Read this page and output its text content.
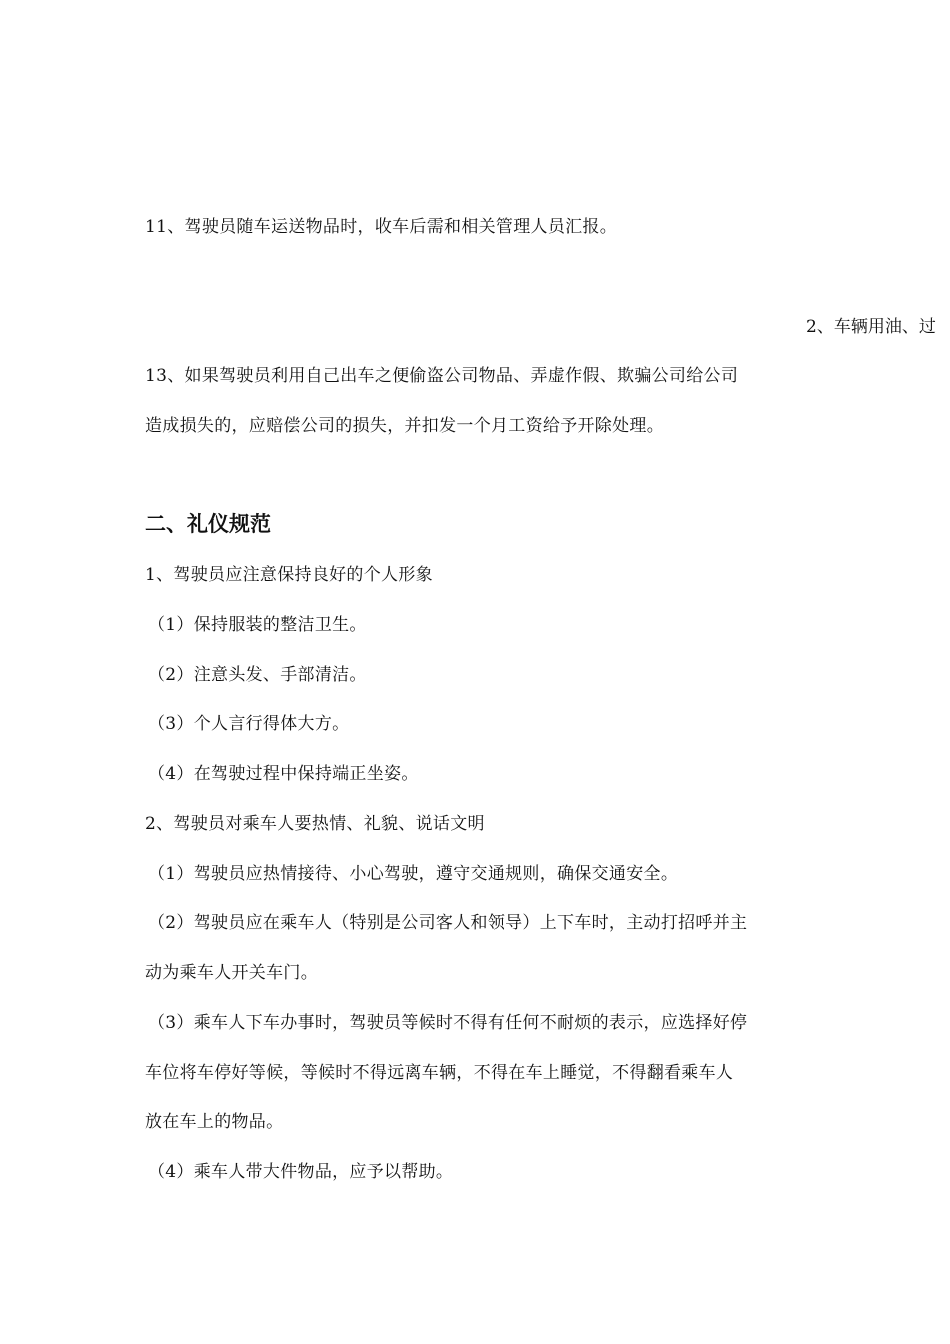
11、驾驶员随车运送物品时，收车后需和相关管理人员汇报。
2、车辆用油、过
13、如果驾驶员利用自己出车之便偷盗公司物品、弄虚作假、欺骗公司给公司
造成损失的，应赔偿公司的损失，并扣发一个月工资给予开除处理。
二、礼仪规范
1、驾驶员应注意保持良好的个人形象
（1）保持服装的整洁卫生。
（2）注意头发、手部清洁。
（3）个人言行得体大方。
（4）在驾驶过程中保持端正坐姿。
2、驾驶员对乘车人要热情、礼貌、说话文明
（1）驾驶员应热情接待、小心驾驶，遵守交通规则，确保交通安全。
（2）驾驶员应在乘车人（特别是公司客人和领导）上下车时，主动打招呼并主
动为乘车人开关车门。
（3）乘车人下车办事时，驾驶员等候时不得有任何不耐烦的表示，应选择好停
车位将车停好等候，等候时不得远离车辆，不得在车上睡觉，不得翻看乘车人
放在车上的物品。
（4）乘车人带大件物品，应予以帮助。
